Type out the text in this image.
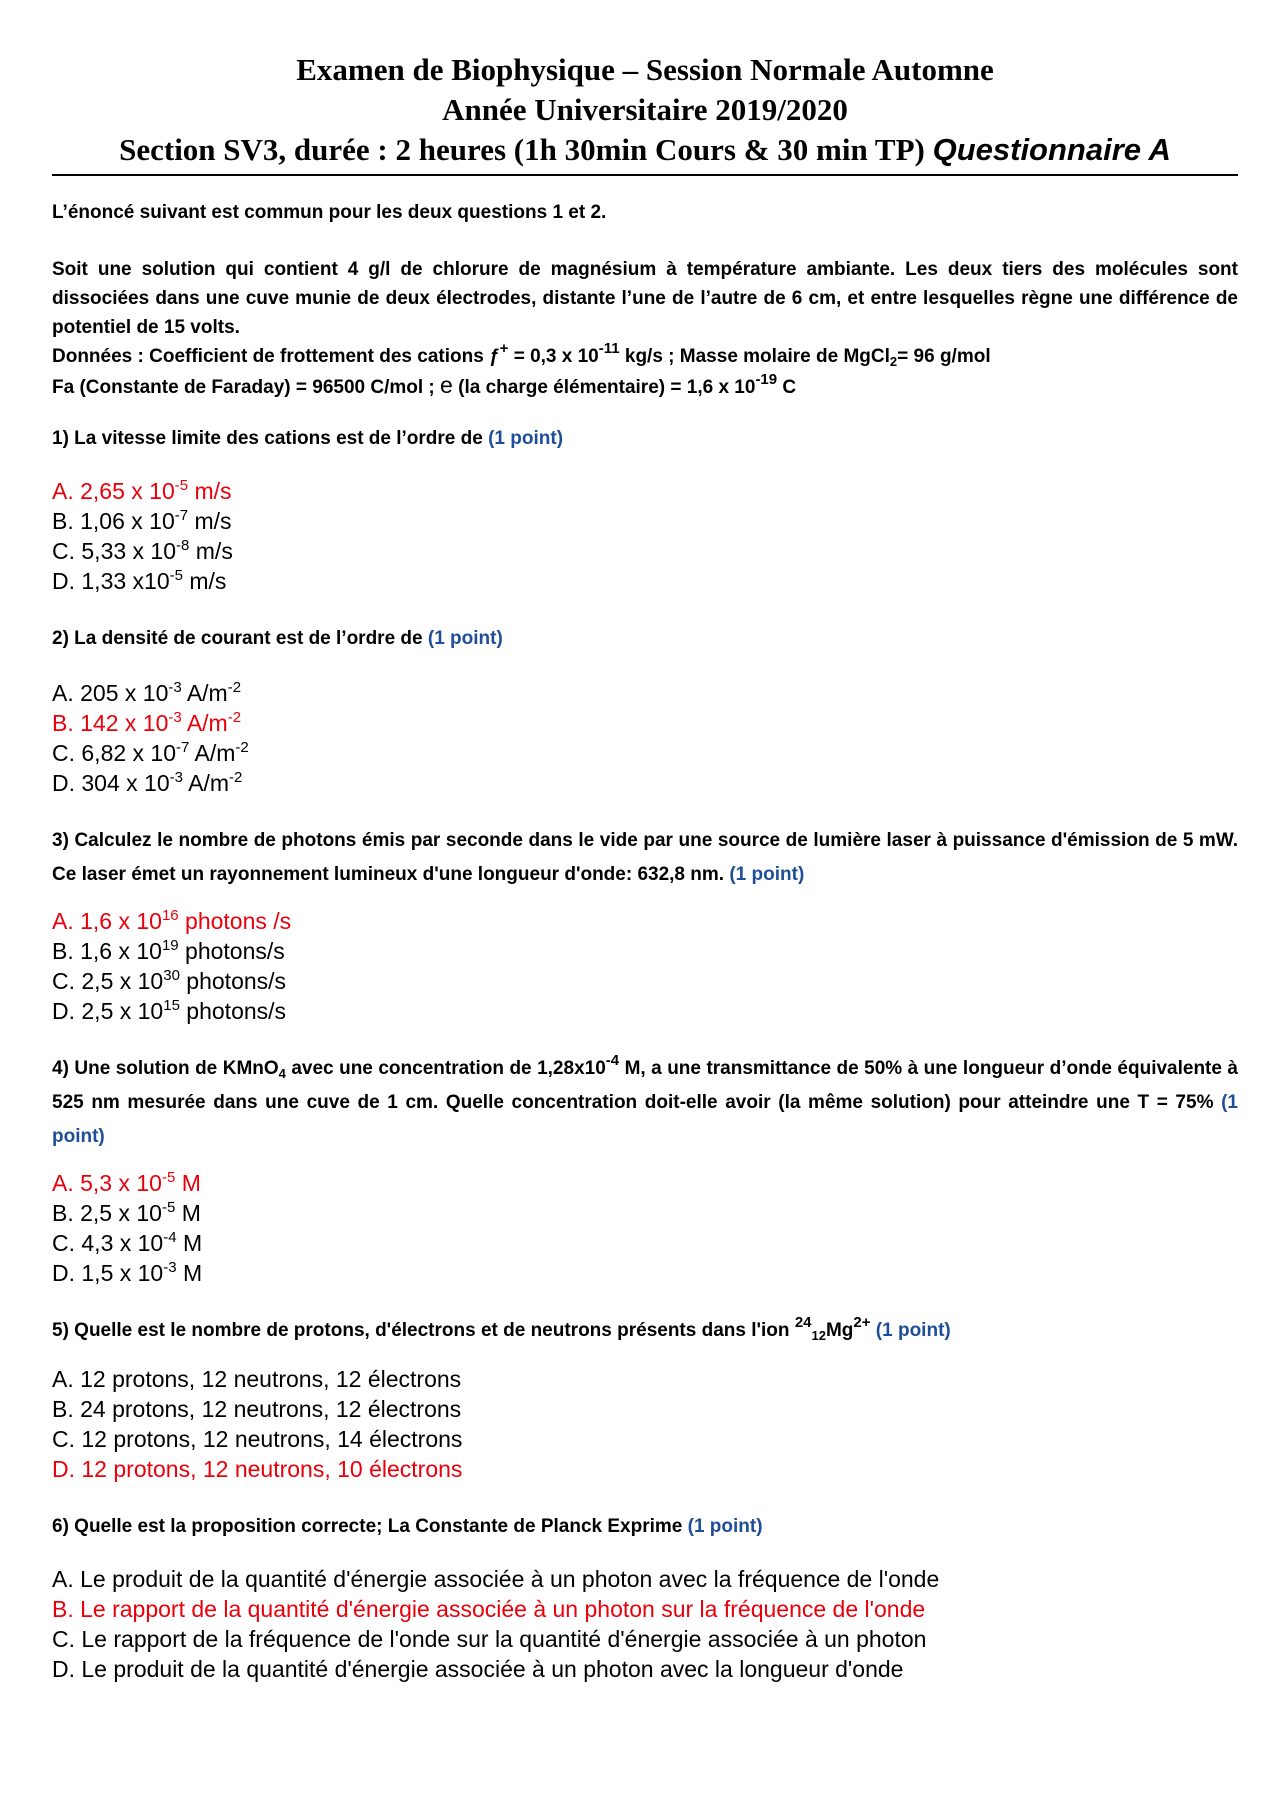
Examen de Biophysique – Session Normale Automne
Année Universitaire 2019/2020
Section SV3, durée : 2 heures (1h 30min Cours & 30 min TP) Questionnaire A
L’énoncé suivant est commun pour les deux questions 1 et 2.
Soit une solution qui contient 4 g/l de chlorure de magnésium à température ambiante. Les deux tiers des molécules sont dissociées dans une cuve munie de deux électrodes, distante l’une de l’autre de 6 cm, et entre lesquelles règne une différence de potentiel de 15 volts.
Données : Coefficient de frottement des cations ƒ+ = 0,3 x $10^{-11}$ kg/s ; Masse molaire de MgCl$_2$= 96 g/mol
Fa (Constante de Faraday) = 96500 C/mol ; e (la charge élémentaire) = 1,6 x $10^{-19}$ C
1) La vitesse limite des cations est de l’ordre de (1 point)
A. 2,65 x $10^{-5}$ m/s
B. 1,06 x $10^{-7}$ m/s
C. 5,33 x $10^{-8}$ m/s
D. 1,33 $x10^{-5}$ m/s
2) La densité de courant est de l’ordre de (1 point)
A. 205 x $10^{-3}$ $A/m^{-2}$
B. 142 x $10^{-3}$ $A/m^{-2}$
C. 6,82 x $10^{-7}$ $A/m^{-2}$
D. 304 x $10^{-3}$ $A/m^{-2}$
3) Calculez le nombre de photons émis par seconde dans le vide par une source de lumière laser à puissance d'émission de 5 mW. Ce laser émet un rayonnement lumineux d'une longueur d'onde: 632,8 nm. (1 point)
A. 1,6 x $10^{16}$ photons /s
B. 1,6 x $10^{19}$ photons/s
C. 2,5 x $10^{30}$ photons/s
D. 2,5 x $10^{15}$ photons/s
4) Une solution de KMnO$_4$ avec une concentration de $1,28x10^{-4}$ M, a une transmittance de 50% à une longueur d’onde équivalente à 525 nm mesurée dans une cuve de 1 cm. Quelle concentration doit-elle avoir (la même solution) pour atteindre une T = 75% (1 point)
A. 5,3 x $10^{-5}$ M
B. 2,5 x $10^{-5}$ M
C. 4,3 x $10^{-4}$ M
D. 1,5 x $10^{-3}$ M
5) Quelle est le nombre de protons, d'électrons et de neutrons présents dans l'ion $^{24}_{12}Mg^{2+}$ (1 point)
A. 12 protons, 12 neutrons, 12 électrons
B. 24 protons, 12 neutrons, 12 électrons
C. 12 protons, 12 neutrons, 14 électrons
D. 12 protons, 12 neutrons, 10 électrons
6) Quelle est la proposition correcte; La Constante de Planck Exprime (1 point)
A. Le produit de la quantité d'énergie associée à un photon avec la fréquence de l'onde
B. Le rapport de la quantité d'énergie associée à un photon sur la fréquence de l'onde
C. Le rapport de la fréquence de l'onde sur la quantité d'énergie associée à un photon
D. Le produit de la quantité d'énergie associée à un photon avec la longueur d'onde
